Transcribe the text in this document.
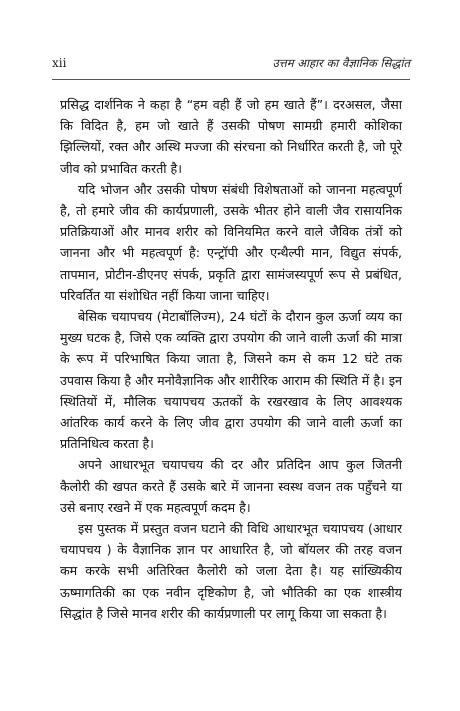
xii	उत्तम आहार का वैज्ञानिक सिद्धांत

प्रसिद्ध दार्शनिक ने कहा है “हम वही हैं जो हम खाते हैं”। दरअसल, जैसा कि विदित है, हम जो खाते हैं उसकी पोषण सामग्री हमारी कोशिका झिल्लियों, रक्त और अस्थि मज्जा की संरचना को निर्धारित करती है, जो पूरे जीव को प्रभावित करती है।

यदि भोजन और उसकी पोषण संबंधी विशेषताओं को जानना महत्वपूर्ण है, तो हमारे जीव की कार्यप्रणाली, उसके भीतर होने वाली जैव रासायनिक प्रतिक्रियाओं और मानव शरीर को विनियमित करने वाले जैविक तंत्रों को जानना और भी महत्वपूर्ण है: एन्ट्रॉपी और एन्थैल्पी मान, विद्युत संपर्क, तापमान, प्रोटीन-डीएनए संपर्क, प्रकृति द्वारा सामंजस्यपूर्ण रूप से प्रबंधित, परिवर्तित या संशोधित नहीं किया जाना चाहिए।

बेसिक चयापचय (मेटाबॉलिज्म), 24 घंटों के दौरान कुल ऊर्जा व्यय का मुख्य घटक है, जिसे एक व्यक्ति द्वारा उपयोग की जाने वाली ऊर्जा की मात्रा के रूप में परिभाषित किया जाता है, जिसने कम से कम 12 घंटे तक उपवास किया है और मनोवैज्ञानिक और शारीरिक आराम की स्थिति में है। इन स्थितियों में, मौलिक चयापचय ऊतकों के रखरखाव के लिए आवश्यक आंतरिक कार्य करने के लिए जीव द्वारा उपयोग की जाने वाली ऊर्जा का प्रतिनिधित्व करता है।

अपने आधारभूत चयापचय की दर और प्रतिदिन आप कुल जितनी कैलोरी की खपत करते हैं उसके बारे में जानना स्वस्थ वजन तक पहुँचने या उसे बनाए रखने में एक महत्वपूर्ण कदम है।

इस पुस्तक में प्रस्तुत वजन घटाने की विधि आधारभूत चयापचय (आधार चयापचय ) के वैज्ञानिक ज्ञान पर आधारित है, जो बॉयलर की तरह वजन कम करके सभी अतिरिक्त कैलोरी को जला देता है। यह सांख्यिकीय ऊष्मागतिकी का एक नवीन दृष्टिकोण है, जो भौतिकी का एक शास्त्रीय सिद्धांत है जिसे मानव शरीर की कार्यप्रणाली पर लागू किया जा सकता है।
